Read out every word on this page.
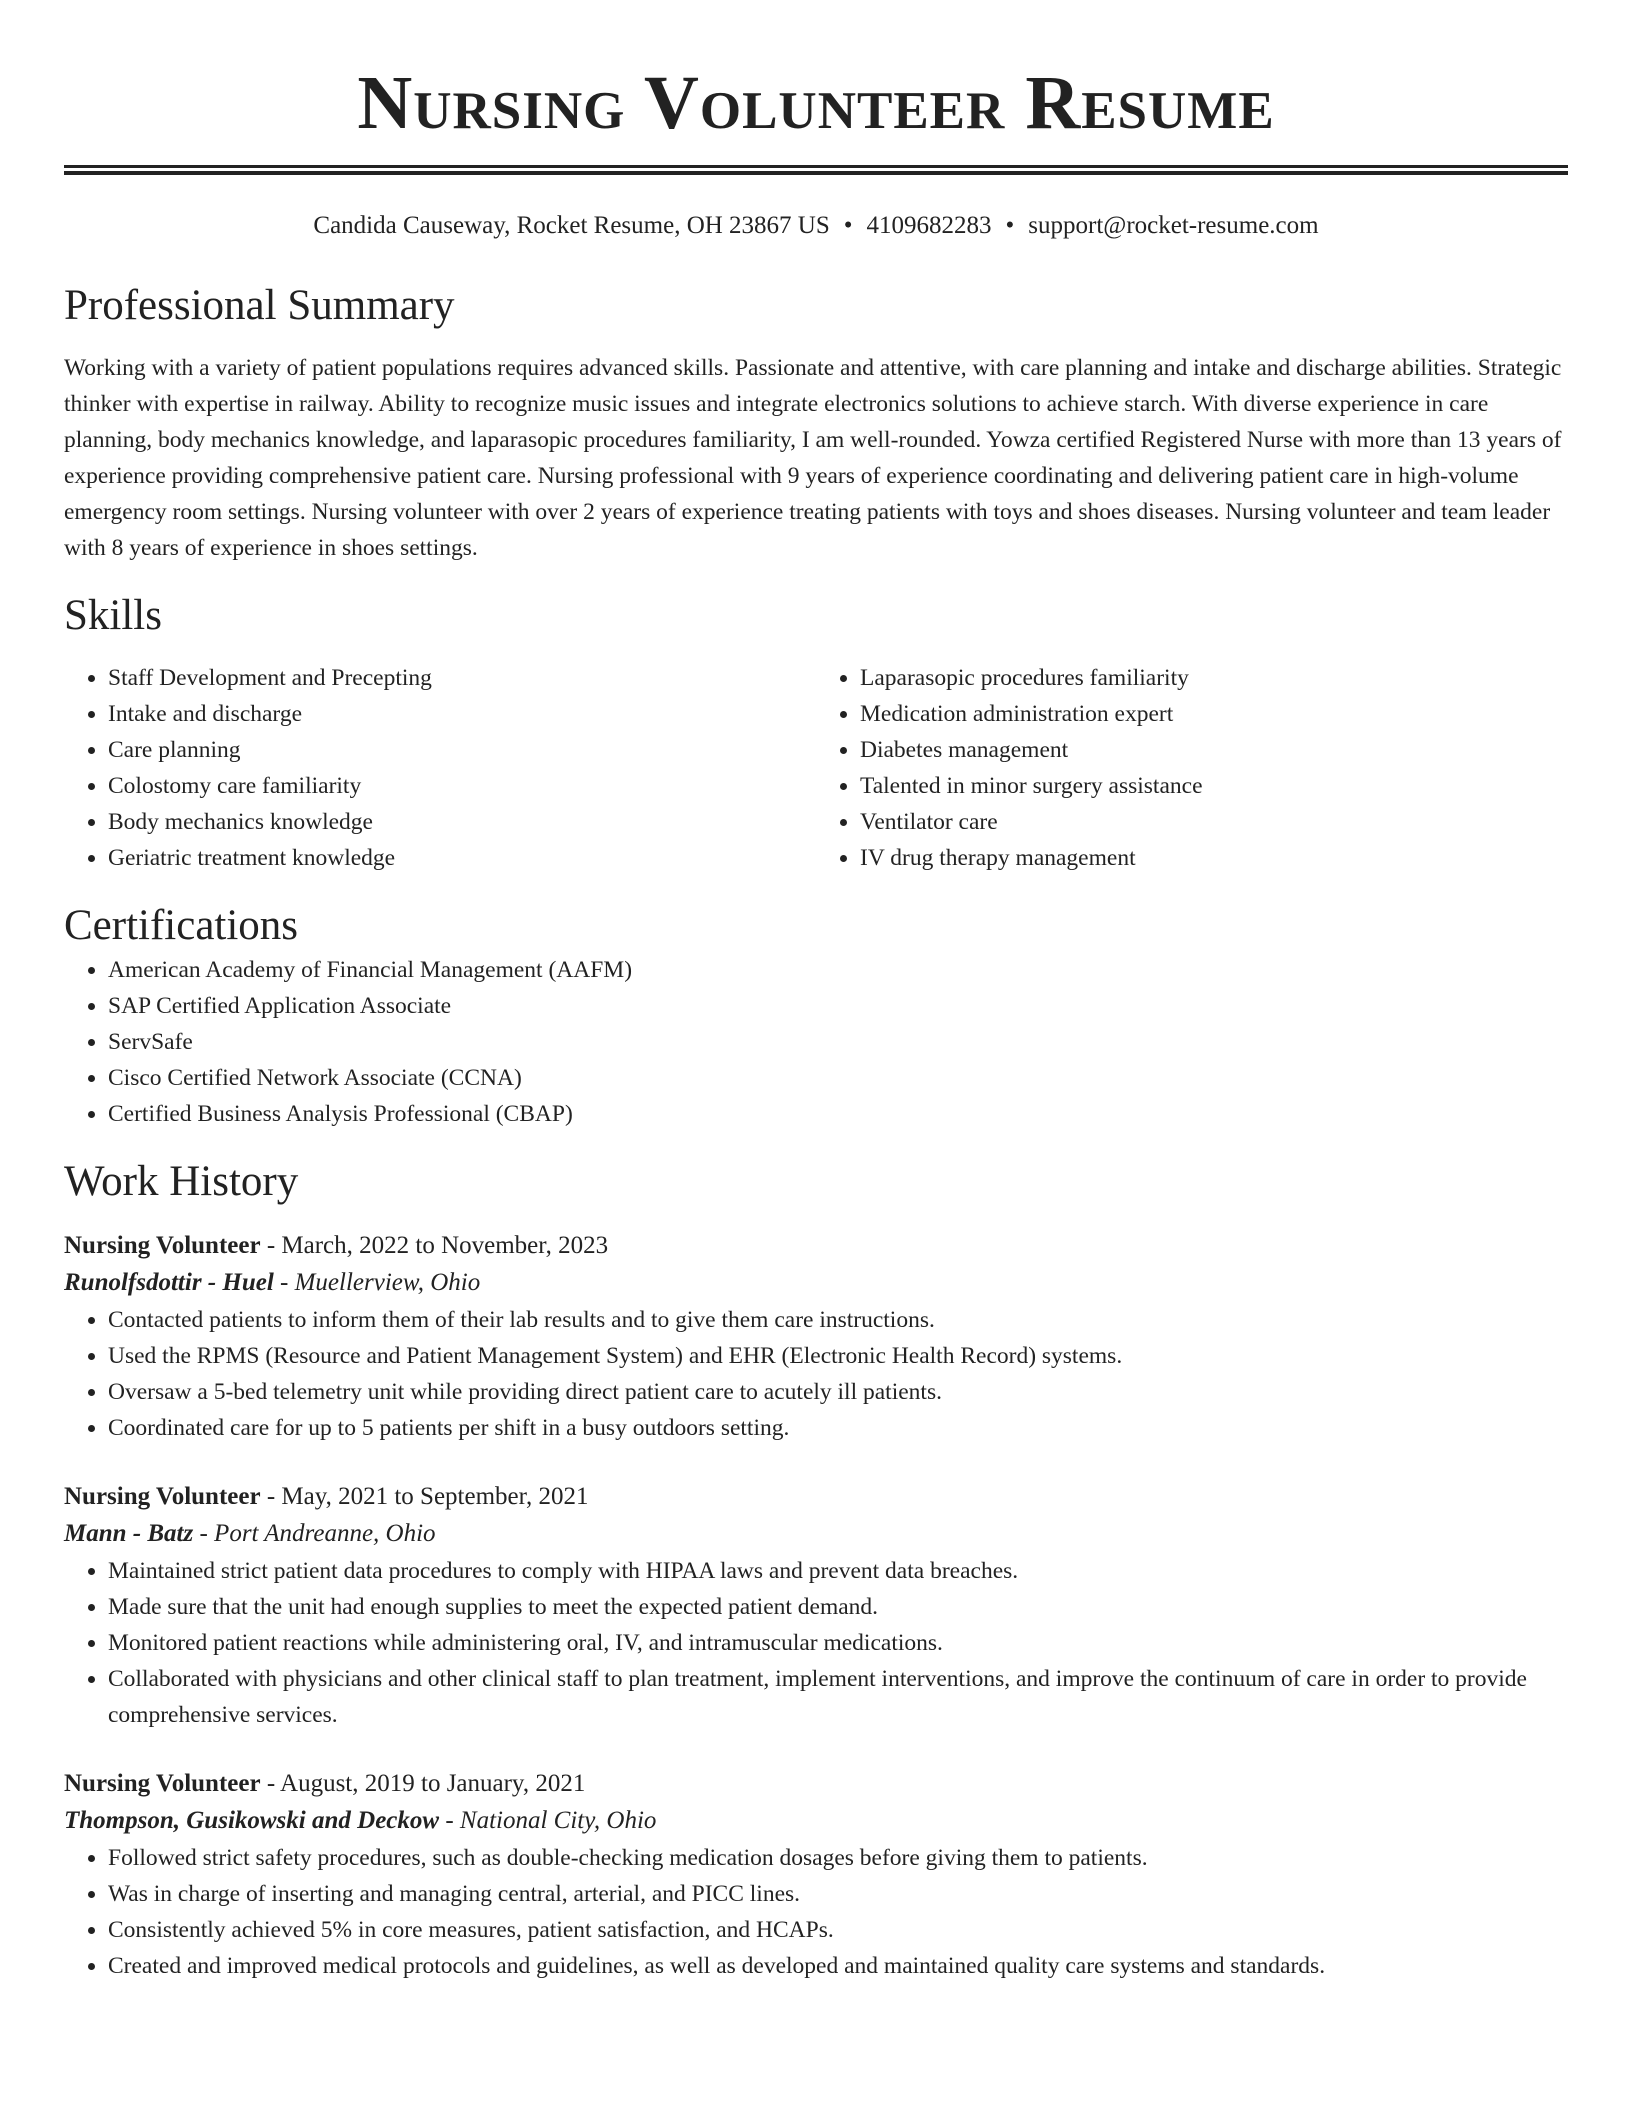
Nursing Volunteer Resume
Candida Causeway, Rocket Resume, OH 23867 US • 4109682283 • support@rocket-resume.com
Professional Summary

Working with a variety of patient populations requires advanced skills. Passionate and attentive, with care planning and intake and discharge abilities. Strategic thinker with expertise in railway. Ability to recognize music issues and integrate electronics solutions to achieve starch. With diverse experience in care planning, body mechanics knowledge, and laparasopic procedures familiarity, I am well-rounded. Yowza certified Registered Nurse with more than 13 years of experience providing comprehensive patient care. Nursing professional with 9 years of experience coordinating and delivering patient care in high-volume emergency room settings. Nursing volunteer with over 2 years of experience treating patients with toys and shoes diseases. Nursing volunteer and team leader with 8 years of experience in shoes settings.

Skills
• Staff Development and Precepting
• Intake and discharge
• Care planning
• Colostomy care familiarity
• Body mechanics knowledge
• Geriatric treatment knowledge
• Laparasopic procedures familiarity
• Medication administration expert
• Diabetes management
• Talented in minor surgery assistance
• Ventilator care
• IV drug therapy management
Certifications
• American Academy of Financial Management (AAFM)
• SAP Certified Application Associate
• ServSafe
• Cisco Certified Network Associate (CCNA)
• Certified Business Analysis Professional (CBAP)
Work History
Nursing Volunteer - March, 2022 to November, 2023
Runolfsdottir - Huel - Muellerview, Ohio
• Contacted patients to inform them of their lab results and to give them care instructions.
• Used the RPMS (Resource and Patient Management System) and EHR (Electronic Health Record) systems.
• Oversaw a 5-bed telemetry unit while providing direct patient care to acutely ill patients.
• Coordinated care for up to 5 patients per shift in a busy outdoors setting.
Nursing Volunteer - May, 2021 to September, 2021
Mann - Batz - Port Andreanne, Ohio
• Maintained strict patient data procedures to comply with HIPAA laws and prevent data breaches.
• Made sure that the unit had enough supplies to meet the expected patient demand.
• Monitored patient reactions while administering oral, IV, and intramuscular medications.
• Collaborated with physicians and other clinical staff to plan treatment, implement interventions, and improve the continuum of care in order to provide comprehensive services.
Nursing Volunteer - August, 2019 to January, 2021
Thompson, Gusikowski and Deckow - National City, Ohio
• Followed strict safety procedures, such as double-checking medication dosages before giving them to patients.
• Was in charge of inserting and managing central, arterial, and PICC lines.
• Consistently achieved 5% in core measures, patient satisfaction, and HCAPs.
• Created and improved medical protocols and guidelines, as well as developed and maintained quality care systems and standards.
